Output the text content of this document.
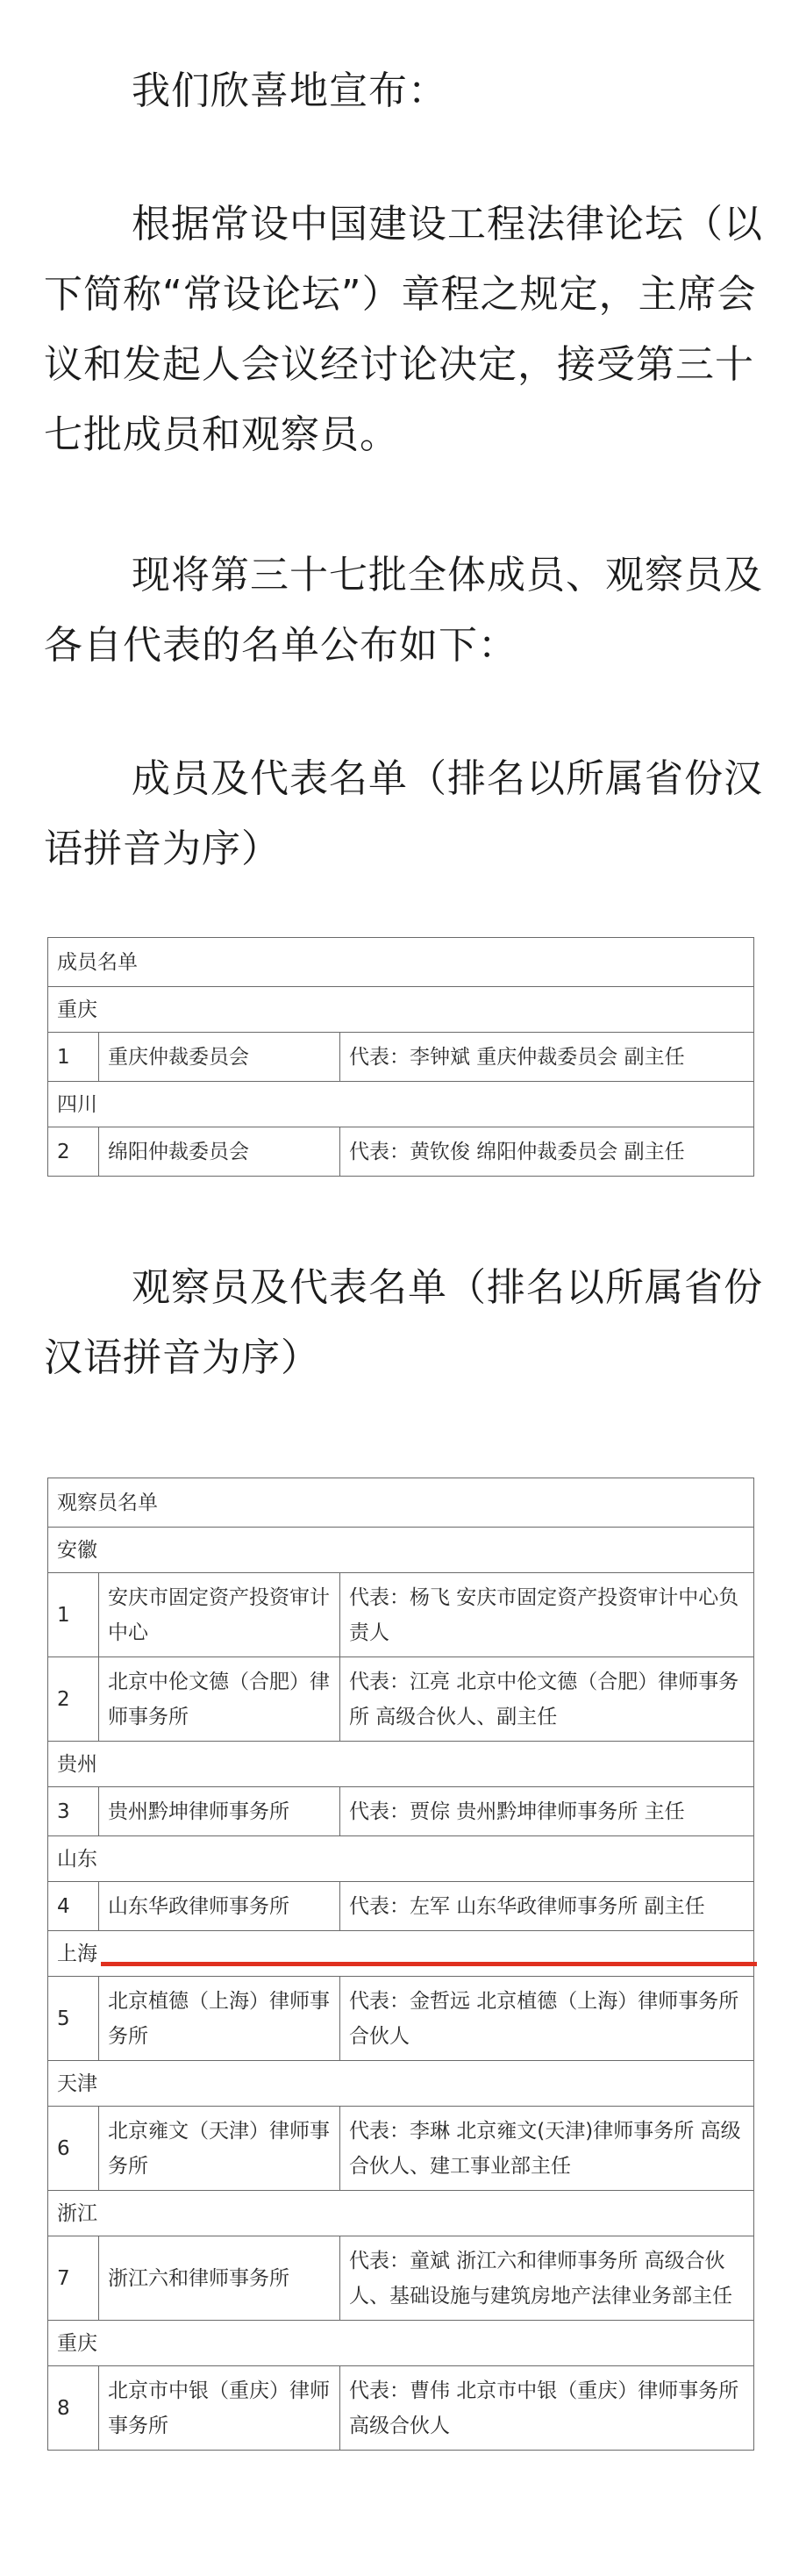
我们欣喜地宣布：
根据常设中国建设工程法律论坛（以下简称“常设论坛”）章程之规定，主席会议和发起人会议经讨论决定，接受第三十七批成员和观察员。
现将第三十七批全体成员、观察员及各自代表的名单公布如下：
成员及代表名单（排名以所属省份汉语拼音为序）
成员名单		
重庆		
1	重庆仲裁委员会	代表：李钟斌 重庆仲裁委员会 副主任
四川		
2	绵阳仲裁委员会	代表：黄钦俊 绵阳仲裁委员会 副主任
观察员及代表名单（排名以所属省份汉语拼音为序）
观察员名单		
安徽		
1	安庆市固定资产投资审计中心	代表：杨飞 安庆市固定资产投资审计中心负责人
2	北京中伦文德（合肥）律师事务所	代表：江亮 北京中伦文德（合肥）律师事务所 高级合伙人、副主任
贵州		
3	贵州黔坤律师事务所	代表：贾倧 贵州黔坤律师事务所 主任
山东		
4	山东华政律师事务所	代表：左军 山东华政律师事务所 副主任
上海		
5	北京植德（上海）律师事务所	代表：金哲远 北京植德（上海）律师事务所 合伙人
天津		
6	北京雍文（天津）律师事务所	代表：李琳 北京雍文(天津)律师事务所 高级合伙人、建工事业部主任
浙江		
7	浙江六和律师事务所	代表：童斌 浙江六和律师事务所 高级合伙人、基础设施与建筑房地产法律业务部主任
重庆		
8	北京市中银（重庆）律师事务所	代表：曹伟 北京市中银（重庆）律师事务所 高级合伙人
